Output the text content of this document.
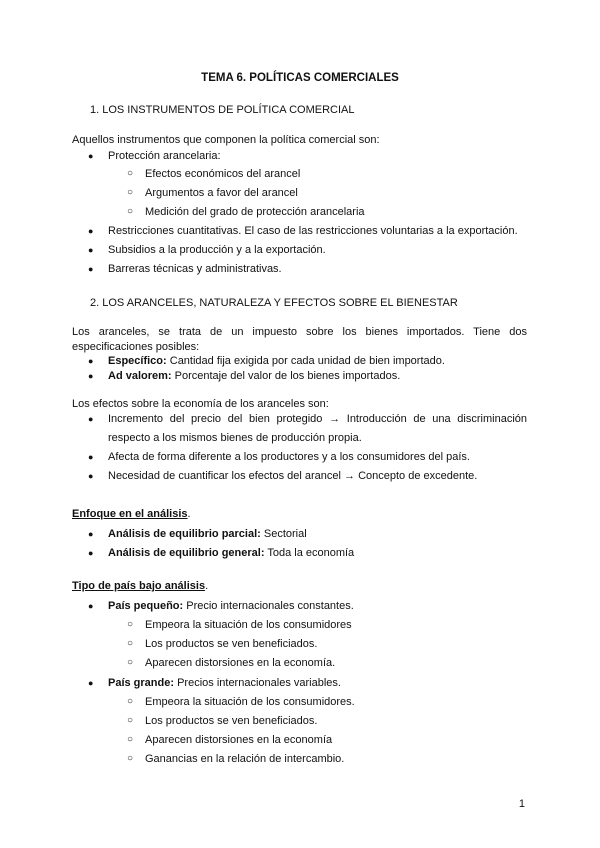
TEMA 6. POLÍTICAS COMERCIALES
1. LOS INSTRUMENTOS DE POLÍTICA COMERCIAL
Aquellos instrumentos que componen la política comercial son:
● Protección arancelaria:
○ Efectos económicos del arancel
○ Argumentos a favor del arancel
○ Medición del grado de protección arancelaria
● Restricciones cuantitativas. El caso de las restricciones voluntarias a la exportación.
● Subsidios a la producción y a la exportación.
● Barreras técnicas y administrativas.
2. LOS ARANCELES, NATURALEZA Y EFECTOS SOBRE EL BIENESTAR
Los aranceles, se trata de un impuesto sobre los bienes importados. Tiene dos especificaciones posibles:
● Específico: Cantidad fija exigida por cada unidad de bien importado.
● Ad valorem: Porcentaje del valor de los bienes importados.
Los efectos sobre la economía de los aranceles son:
● Incremento del precio del bien protegido → Introducción de una discriminación
respecto a los mismos bienes de producción propia.
● Afecta de forma diferente a los productores y a los consumidores del país.
● Necesidad de cuantificar los efectos del arancel → Concepto de excedente.
Enfoque en el análisis.
● Análisis de equilibrio parcial: Sectorial
● Análisis de equilibrio general: Toda la economía
Tipo de país bajo análisis.
● País pequeño: Precio internacionales constantes.
○ Empeora la situación de los consumidores
○ Los productos se ven beneficiados.
○ Aparecen distorsiones en la economía.
● País grande: Precios internacionales variables.
○ Empeora la situación de los consumidores.
○ Los productos se ven beneficiados.
○ Aparecen distorsiones en la economía
○ Ganancias en la relación de intercambio.
1
